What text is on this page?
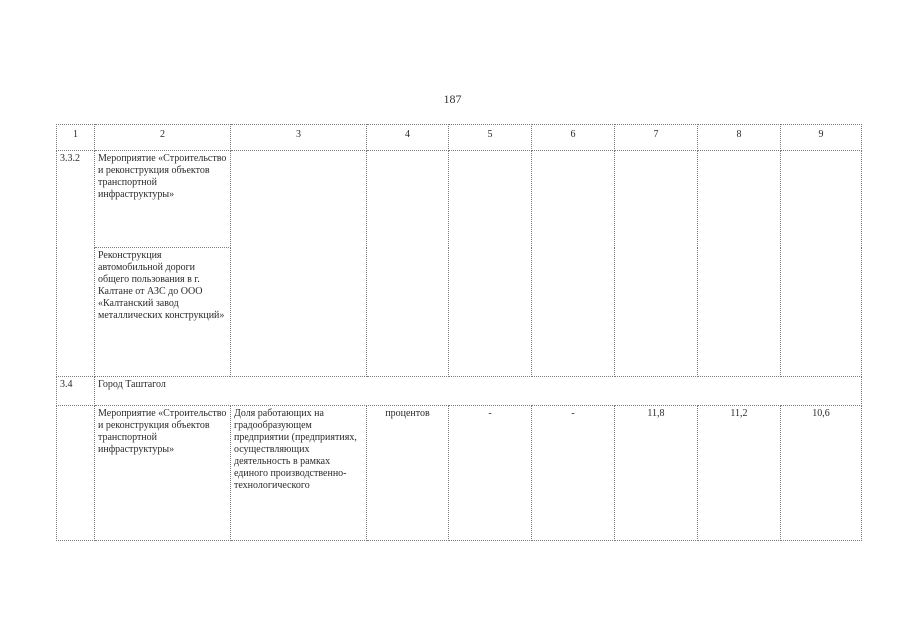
187
1	2	3	4	5	6	7	8	9
3.3.2	Мероприятие «Строительство и реконструкция объектов транспортной инфраструктуры»							
	Реконструкция автомобильной дороги общего пользования в г. Калтане от АЗС до ООО «Калтанский завод металлических конструкций»							
3.4	Город Таштагол							
	Мероприятие «Строительство и реконструкция объектов транспортной инфраструктуры»	Доля работающих на градообразующем предприятии (предприятиях, осуществляющих деятельность в рамках единого производственно-технологического	процентов	-	-	11,8	11,2	10,6
